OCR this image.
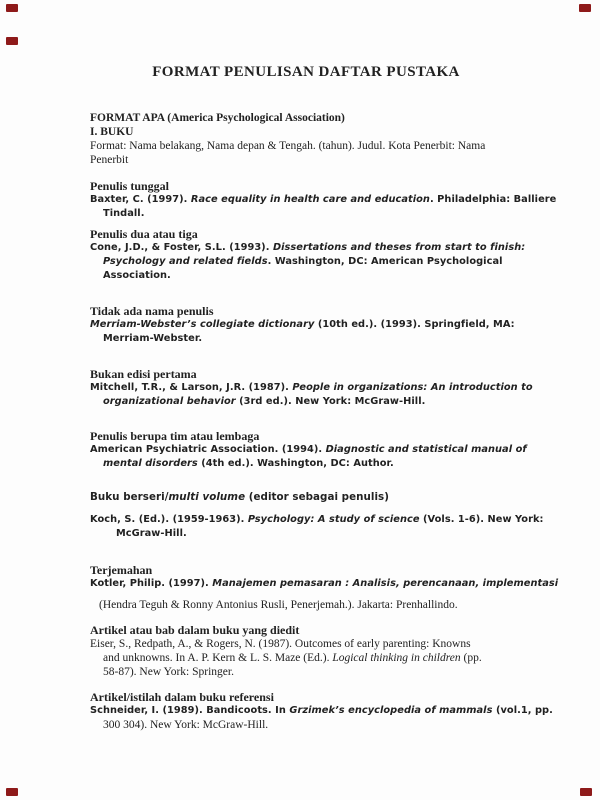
FORMAT PENULISAN DAFTAR PUSTAKA
FORMAT APA (America Psychological Association)
I. BUKU
Format: Nama belakang, Nama depan & Tengah. (tahun). Judul. Kota Penerbit: Nama
Penerbit
Penulis tunggal
Baxter, C. (1997). Race equality in health care and education. Philadelphia: Balliere
Tindall.
Penulis dua atau tiga
Cone, J.D., & Foster, S.L. (1993). Dissertations and theses from start to finish:
Psychology and related fields. Washington, DC: American Psychological
Association.
Tidak ada nama penulis
Merriam-Webster’s collegiate dictionary (10th ed.). (1993). Springfield, MA:
Merriam-Webster.
Bukan edisi pertama
Mitchell, T.R., & Larson, J.R. (1987). People in organizations: An introduction to
organizational behavior (3rd ed.). New York: McGraw-Hill.
Penulis berupa tim atau lembaga
American Psychiatric Association. (1994). Diagnostic and statistical manual of
mental disorders (4th ed.). Washington, DC: Author.
Buku berseri/multi volume (editor sebagai penulis)
Koch, S. (Ed.). (1959-1963). Psychology: A study of science (Vols. 1-6). New York:
McGraw-Hill.
Terjemahan
Kotler, Philip. (1997). Manajemen pemasaran : Analisis, perencanaan, implementasi
(Hendra Teguh & Ronny Antonius Rusli, Penerjemah.). Jakarta: Prenhallindo.
Artikel atau bab dalam buku yang diedit
Eiser, S., Redpath, A., & Rogers, N. (1987). Outcomes of early parenting: Knowns
and unknowns. In A. P. Kern & L. S. Maze (Ed.). Logical thinking in children (pp.
58-87). New York: Springer.
Artikel/istilah dalam buku referensi
Schneider, I. (1989). Bandicoots. In Grzimek’s encyclopedia of mammals (vol.1, pp.
300 304). New York: McGraw-Hill.
